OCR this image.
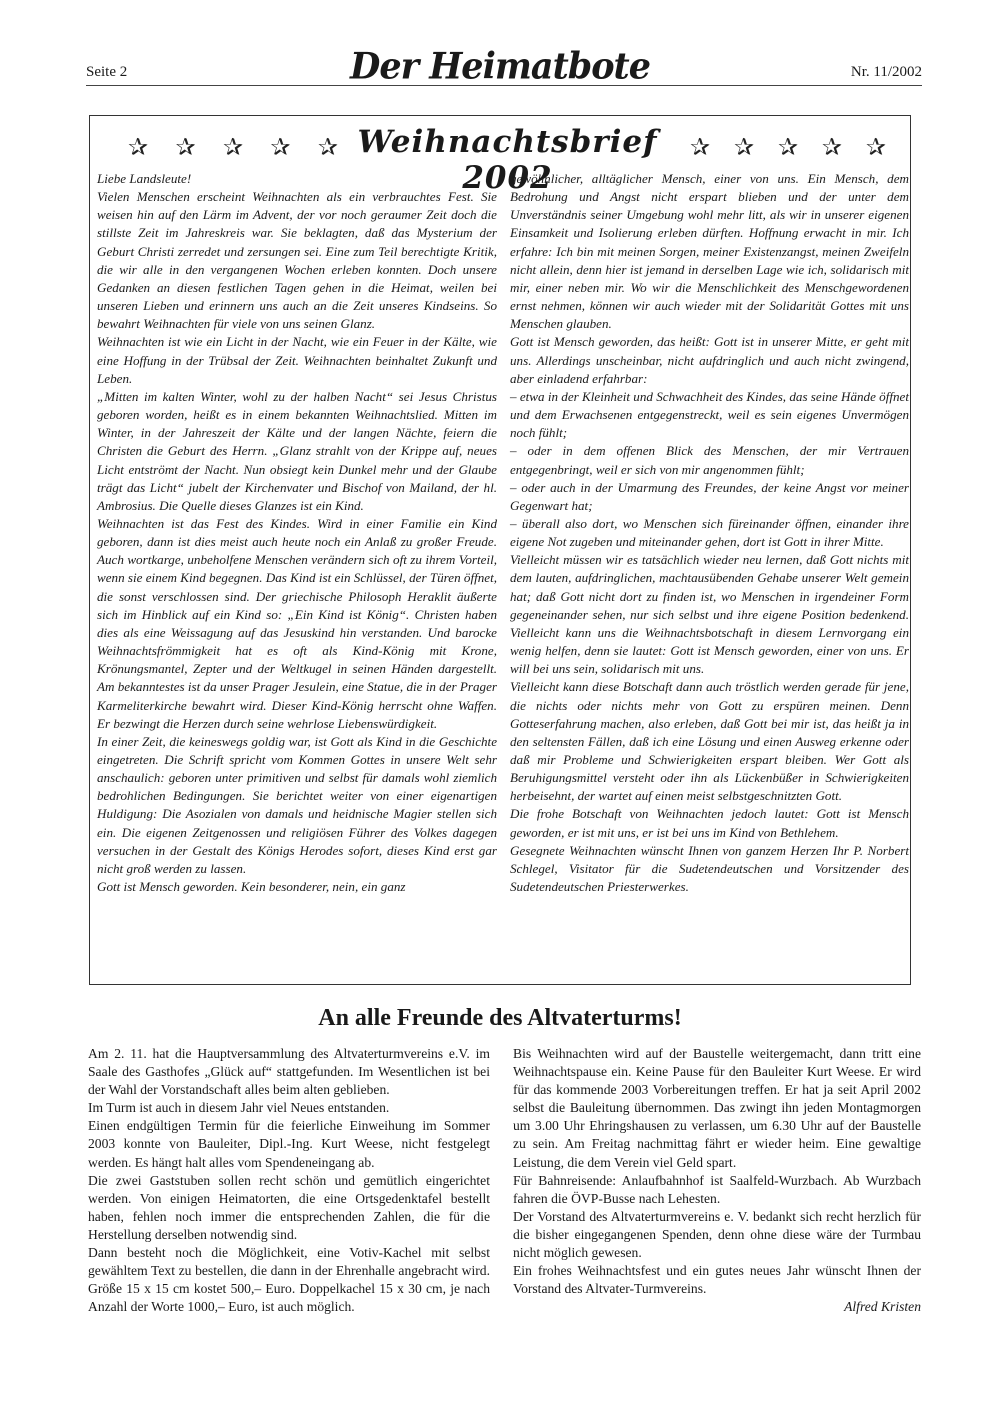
Seite 2	Der Heimatbote	Nr. 11/2002
✰ ✰ ✰ ✰ ✰ Weihnachtsbrief 2002
✰ ✰ ✰ ✰ ✰

Liebe Landsleute!

Vielen Menschen erscheint Weihnachten als ein verbrauchtes Fest. Sie weisen hin auf den Lärm im Advent, der vor noch geraumer Zeit doch die stillste Zeit im Jahreskreis war. Sie beklagten, daß das Mysterium der Geburt Christi zerredet und zersungen sei. Eine zum Teil berechtigte Kritik, die wir alle in den vergangenen Wochen erleben konnten. Doch unsere Gedanken an diesen festlichen Tagen gehen in die Heimat, weilen bei unseren Lieben und erinnern uns auch an die Zeit unseres Kindseins. So bewahrt Weihnachten für viele von uns seinen Glanz.

Weihnachten ist wie ein Licht in der Nacht, wie ein Feuer in der Kälte, wie eine Hoffung in der Trübsal der Zeit. Weihnachten beinhaltet Zukunft und Leben.

„Mitten im kalten Winter, wohl zu der halben Nacht“ sei Jesus Christus geboren worden, heißt es in einem bekannten Weihnachtslied. Mitten im Winter, in der Jahreszeit der Kälte und der langen Nächte, feiern die Christen die Geburt des Herrn. „Glanz strahlt von der Krippe auf, neues Licht entströmt der Nacht. Nun obsiegt kein Dunkel mehr und der Glaube trägt das Licht“ jubelt der Kirchenvater und Bischof von Mailand, der hl. Ambrosius. Die Quelle dieses Glanzes ist ein Kind.

Weihnachten ist das Fest des Kindes. Wird in einer Familie ein Kind geboren, dann ist dies meist auch heute noch ein Anlaß zu großer Freude. Auch wortkarge, unbeholfene Menschen verändern sich oft zu ihrem Vorteil, wenn sie einem Kind begegnen. Das Kind ist ein Schlüssel, der Türen öffnet, die sonst verschlossen sind. Der griechische Philosoph Heraklit äußerte sich im Hinblick auf ein Kind so: „Ein Kind ist König“. Christen haben dies als eine Weissagung auf das Jesuskind hin verstanden. Und barocke Weihnachtsfrömmigkeit hat es oft als Kind-König mit Krone, Krönungsmantel, Zepter und der Weltkugel in seinen Händen dargestellt. Am bekanntestes ist da unser Prager Jesulein, eine Statue, die in der Prager Karmeliterkirche bewahrt wird. Dieser Kind-König herrscht ohne Waffen. Er bezwingt die Herzen durch seine wehrlose Liebenswürdigkeit.

In einer Zeit, die keineswegs goldig war, ist Gott als Kind in die Geschichte eingetreten. Die Schrift spricht vom Kommen Gottes in unsere Welt sehr anschaulich: geboren unter primitiven und selbst für damals wohl ziemlich bedrohlichen Bedingungen. Sie berichtet weiter von einer eigenartigen Huldigung: Die Asozialen von damals und heidnische Magier stellen sich ein. Die eigenen Zeitgenossen und religiösen Führer des Volkes dagegen versuchen in der Gestalt des Königs Herodes sofort, dieses Kind erst gar nicht groß werden zu lassen.

Gott ist Mensch geworden. Kein besonderer, nein, ein ganz

gewöhnlicher, alltäglicher Mensch, einer von uns. Ein Mensch, dem Bedrohung und Angst nicht erspart blieben und der unter dem Unverständnis seiner Umgebung wohl mehr litt, als wir in unserer eigenen Einsamkeit und Isolierung erleben dürften. Hoffnung erwacht in mir. Ich erfahre: Ich bin mit meinen Sorgen, meiner Existenzangst, meinen Zweifeln nicht allein, denn hier ist jemand in derselben Lage wie ich, solidarisch mit mir, einer neben mir. Wo wir die Menschlichkeit des Menschgewordenen ernst nehmen, können wir auch wieder mit der Solidarität Gottes mit uns Menschen glauben.

Gott ist Mensch geworden, das heißt: Gott ist in unserer Mitte, er geht mit uns. Allerdings unscheinbar, nicht aufdringlich und auch nicht zwingend, aber einladend erfahrbar:

– etwa in der Kleinheit und Schwachheit des Kindes, das seine Hände öffnet und dem Erwachsenen entgegenstreckt, weil es sein eigenes Unvermögen noch fühlt;

– oder in dem offenen Blick des Menschen, der mir Vertrauen entgegenbringt, weil er sich von mir angenommen fühlt;

– oder auch in der Umarmung des Freundes, der keine Angst vor meiner Gegenwart hat;

– überall also dort, wo Menschen sich füreinander öffnen, einander ihre eigene Not zugeben und miteinander gehen, dort ist Gott in ihrer Mitte.

Vielleicht müssen wir es tatsächlich wieder neu lernen, daß Gott nichts mit dem lauten, aufdringlichen, machtausübenden Gehabe unserer Welt gemein hat; daß Gott nicht dort zu finden ist, wo Menschen in irgendeiner Form gegeneinander sehen, nur sich selbst und ihre eigene Position bedenkend. Vielleicht kann uns die Weihnachtsbotschaft in diesem Lernvorgang ein wenig helfen, denn sie lautet: Gott ist Mensch geworden, einer von uns. Er will bei uns sein, solidarisch mit uns.

Vielleicht kann diese Botschaft dann auch tröstlich werden gerade für jene, die nichts oder nichts mehr von Gott zu erspüren meinen. Denn Gotteserfahrung machen, also erleben, daß Gott bei mir ist, das heißt ja in den seltensten Fällen, daß ich eine Lösung und einen Ausweg erkenne oder daß mir Probleme und Schwierigkeiten erspart bleiben. Wer Gott als Beruhigungsmittel versteht oder ihn als Lückenbüßer in Schwierigkeiten herbeisehnt, der wartet auf einen meist selbstgeschnitzten Gott.

Die frohe Botschaft von Weihnachten jedoch lautet: Gott ist Mensch geworden, er ist mit uns, er ist bei uns im Kind von Bethlehem.

Gesegnete Weihnachten wünscht Ihnen von ganzem Herzen Ihr P. Norbert Schlegel, Visitator für die Sudetendeutschen und Vorsitzender des Sudetendeutschen Priesterwerkes.

An alle Freunde des Altvaterturms!

Am 2. 11. hat die Hauptversammlung des Altvaterturmvereins e.V. im Saale des Gasthofes „Glück auf“ stattgefunden. Im Wesentlichen ist bei der Wahl der Vorstandschaft alles beim alten geblieben.

Im Turm ist auch in diesem Jahr viel Neues entstanden.

Einen endgültigen Termin für die feierliche Einweihung im Sommer 2003 konnte von Bauleiter, Dipl.-Ing. Kurt Weese, nicht festgelegt werden. Es hängt halt alles vom Spendeneingang ab.

Die zwei Gaststuben sollen recht schön und gemütlich eingerichtet werden. Von einigen Heimatorten, die eine Ortsgedenktafel bestellt haben, fehlen noch immer die entsprechenden Zahlen, die für die Herstellung derselben notwendig sind.

Dann besteht noch die Möglichkeit, eine Votiv-Kachel mit selbst gewähltem Text zu bestellen, die dann in der Ehrenhalle angebracht wird. Größe 15 x 15 cm kostet 500,– Euro. Doppelkachel 15 x 30 cm, je nach Anzahl der Worte 1000,– Euro, ist auch möglich.

Bis Weihnachten wird auf der Baustelle weitergemacht, dann tritt eine Weihnachtspause ein. Keine Pause für den Bauleiter Kurt Weese. Er wird für das kommende 2003 Vorbereitungen treffen. Er hat ja seit April 2002 selbst die Bauleitung übernommen. Das zwingt ihn jeden Montagmorgen um 3.00 Uhr Ehringshausen zu verlassen, um 6.30 Uhr auf der Baustelle zu sein. Am Freitag nachmittag fährt er wieder heim. Eine gewaltige Leistung, die dem Verein viel Geld spart.

Für Bahnreisende: Anlaufbahnhof ist Saalfeld-Wurzbach. Ab Wurzbach fahren die ÖVP-Busse nach Lehesten.

Der Vorstand des Altvaterturmvereins e. V. bedankt sich recht herzlich für die bisher eingegangenen Spenden, denn ohne diese wäre der Turmbau nicht möglich gewesen.

Ein frohes Weihnachtsfest und ein gutes neues Jahr wünscht Ihnen der Vorstand des Altvater-Turmvereins.

Alfred Kristen
